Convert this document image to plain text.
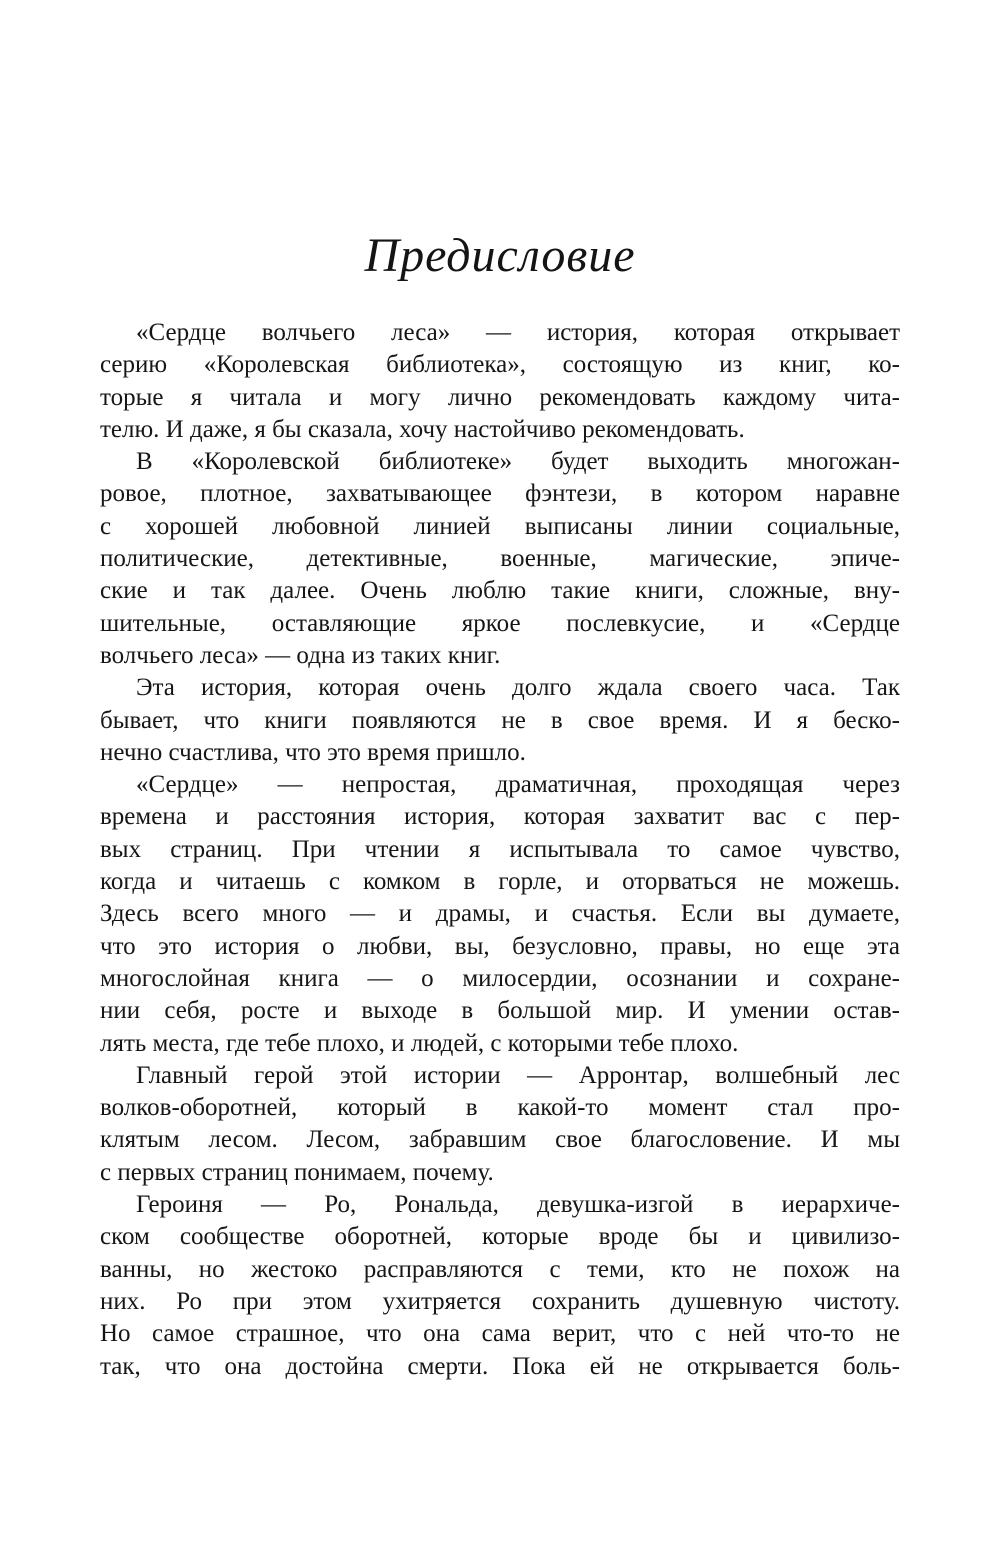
Предисловие
«Сердце волчьего леса» — история, которая открывает
серию «Королевская библиотека», состоящую из книг, ко-
торые я читала и могу лично рекомендовать каждому чита-
телю. И даже, я бы сказала, хочу настойчиво рекомендовать.
В «Королевской библиотеке» будет выходить многожан-
ровое, плотное, захватывающее фэнтези, в котором наравне
с хорошей любовной линией выписаны линии социальные,
политические, детективные, военные, магические, эпиче-
ские и так далее. Очень люблю такие книги, сложные, вну-
шительные, оставляющие яркое послевкусие, и «Сердце
волчьего леса» — одна из таких книг.
Эта история, которая очень долго ждала своего часа. Так
бывает, что книги появляются не в свое время. И я беско-
нечно счастлива, что это время пришло.
«Сердце» — непростая, драматичная, проходящая через
времена и расстояния история, которая захватит вас с пер-
вых страниц. При чтении я испытывала то самое чувство,
когда и читаешь с комком в горле, и оторваться не можешь.
Здесь всего много — и драмы, и счастья. Если вы думаете,
что это история о любви, вы, безусловно, правы, но еще эта
многослойная книга — о милосердии, осознании и сохране-
нии себя, росте и выходе в большой мир. И умении остав-
лять места, где тебе плохо, и людей, с которыми тебе плохо.
Главный герой этой истории — Арронтар, волшебный лес
волков-оборотней, который в какой-то момент стал про-
клятым лесом. Лесом, забравшим свое благословение. И мы
с первых страниц понимаем, почему.
Героиня — Ро, Рональда, девушка-изгой в иерархиче-
ском сообществе оборотней, которые вроде бы и цивилизо-
ванны, но жестоко расправляются с теми, кто не похож на
них. Ро при этом ухитряется сохранить душевную чистоту.
Но самое страшное, что она сама верит, что с ней что-то не
так, что она достойна смерти. Пока ей не открывается боль-
